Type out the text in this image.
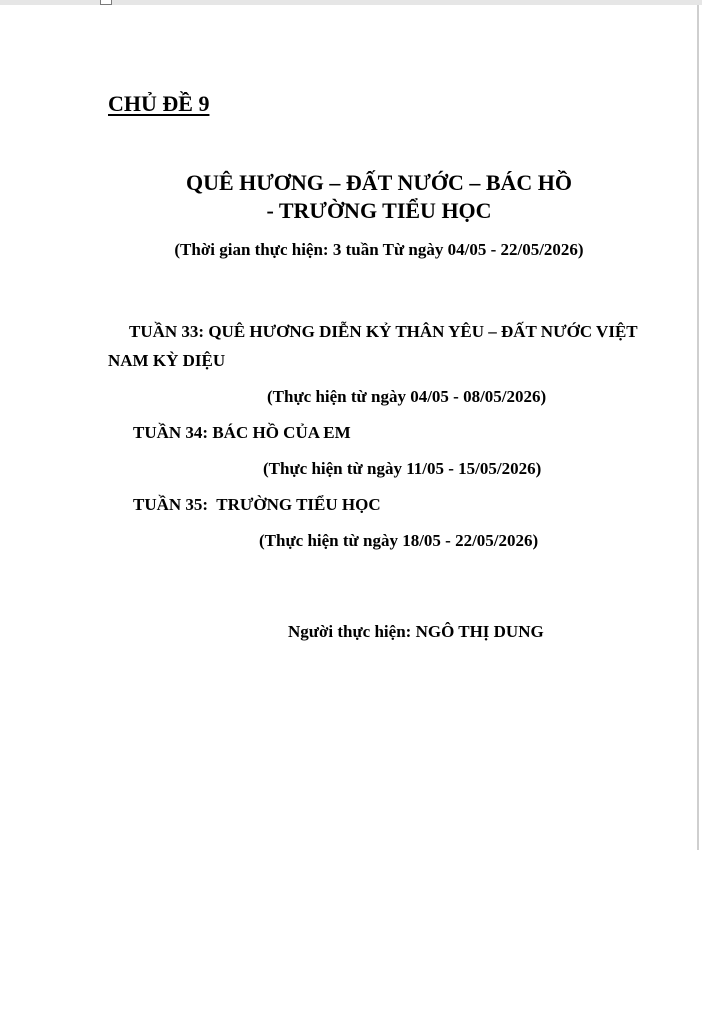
CHỦ ĐỀ 9
QUÊ HƯƠNG – ĐẤT NƯỚC – BÁC HỒ
- TRƯỜNG TIỂU HỌC
(Thời gian thực hiện: 3 tuần Từ ngày 04/05 - 22/05/2026)
TUẦN 33: QUÊ HƯƠNG DIỄN KỶ THÂN YÊU – ĐẤT NƯỚC VIỆT
NAM KỲ DIỆU
(Thực hiện từ ngày 04/05 - 08/05/2026)
TUẦN 34: BÁC HỒ CỦA EM
(Thực hiện từ ngày 11/05 - 15/05/2026)
TUẦN 35:  TRƯỜNG TIỂU HỌC
(Thực hiện từ ngày 18/05 - 22/05/2026)
Người thực hiện: NGÔ THỊ DUNG
